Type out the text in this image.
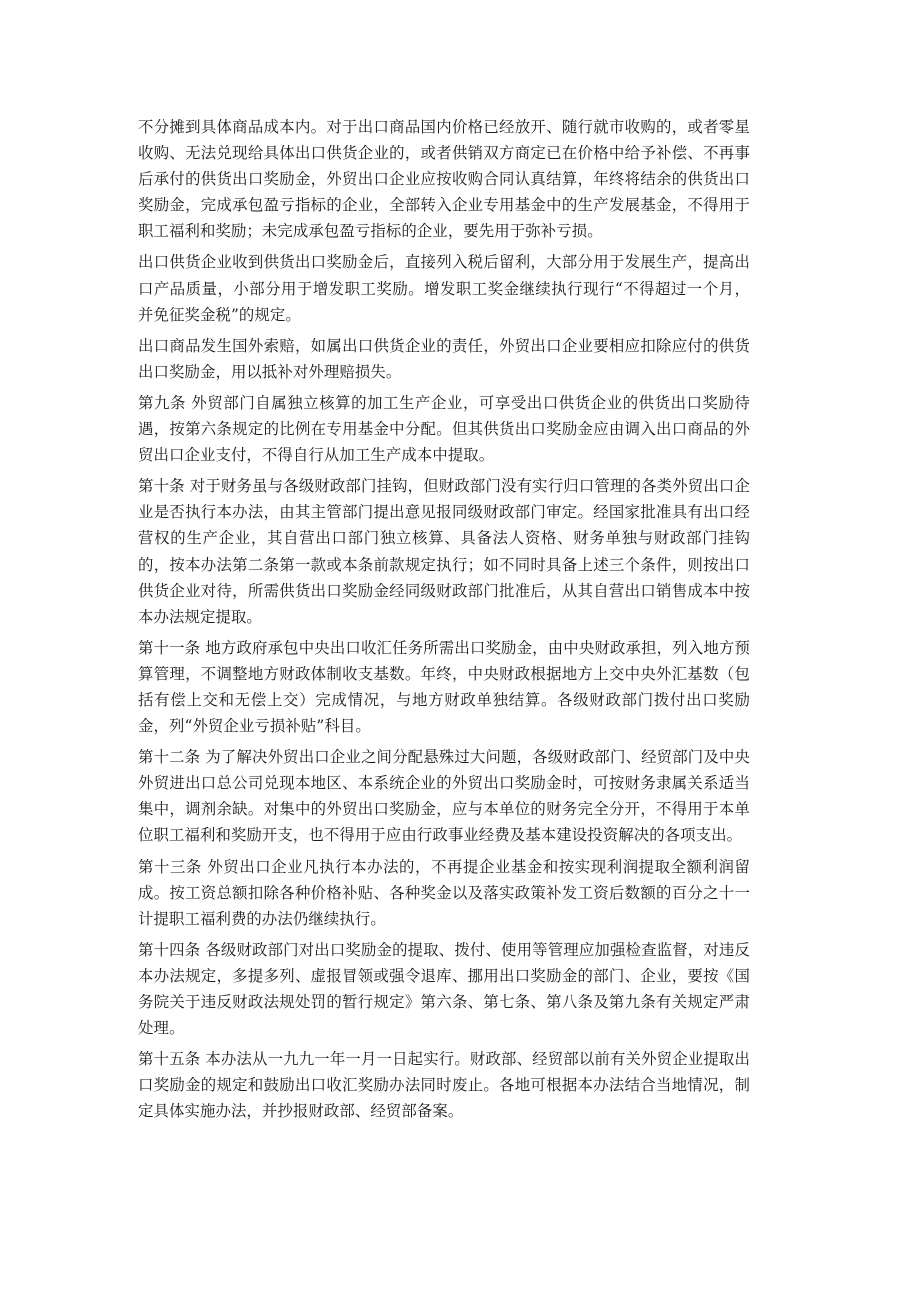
不分摊到具体商品成本内。对于出口商品国内价格已经放开、随行就市收购的，或者零星收购、无法兑现给具体出口供货企业的，或者供销双方商定已在价格中给予补偿、不再事后承付的供货出口奖励金，外贸出口企业应按收购合同认真结算，年终将结余的供货出口奖励金，完成承包盈亏指标的企业，全部转入企业专用基金中的生产发展基金，不得用于职工福利和奖励；未完成承包盈亏指标的企业，要先用于弥补亏损。

出口供货企业收到供货出口奖励金后，直接列入税后留利，大部分用于发展生产，提高出口产品质量，小部分用于增发职工奖励。增发职工奖金继续执行现行“不得超过一个月，并免征奖金税”的规定。

出口商品发生国外索赔，如属出口供货企业的责任，外贸出口企业要相应扣除应付的供货出口奖励金，用以抵补对外理赔损失。

第九条 外贸部门自属独立核算的加工生产企业，可享受出口供货企业的供货出口奖励待遇，按第六条规定的比例在专用基金中分配。但其供货出口奖励金应由调入出口商品的外贸出口企业支付，不得自行从加工生产成本中提取。

第十条 对于财务虽与各级财政部门挂钩，但财政部门没有实行归口管理的各类外贸出口企业是否执行本办法，由其主管部门提出意见报同级财政部门审定。经国家批准具有出口经营权的生产企业，其自营出口部门独立核算、具备法人资格、财务单独与财政部门挂钩的，按本办法第二条第一款或本条前款规定执行；如不同时具备上述三个条件，则按出口供货企业对待，所需供货出口奖励金经同级财政部门批准后，从其自营出口销售成本中按本办法规定提取。

第十一条 地方政府承包中央出口收汇任务所需出口奖励金，由中央财政承担，列入地方预算管理，不调整地方财政体制收支基数。年终，中央财政根据地方上交中央外汇基数（包括有偿上交和无偿上交）完成情况，与地方财政单独结算。各级财政部门拨付出口奖励金，列“外贸企业亏损补贴”科目。

第十二条 为了解决外贸出口企业之间分配悬殊过大问题，各级财政部门、经贸部门及中央外贸进出口总公司兑现本地区、本系统企业的外贸出口奖励金时，可按财务隶属关系适当集中，调剂余缺。对集中的外贸出口奖励金，应与本单位的财务完全分开，不得用于本单位职工福利和奖励开支，也不得用于应由行政事业经费及基本建设投资解决的各项支出。

第十三条 外贸出口企业凡执行本办法的，不再提企业基金和按实现利润提取全额利润留成。按工资总额扣除各种价格补贴、各种奖金以及落实政策补发工资后数额的百分之十一计提职工福利费的办法仍继续执行。

第十四条 各级财政部门对出口奖励金的提取、拨付、使用等管理应加强检查监督，对违反本办法规定，多提多列、虚报冒领或强令退库、挪用出口奖励金的部门、企业，要按《国务院关于违反财政法规处罚的暂行规定》第六条、第七条、第八条及第九条有关规定严肃处理。

第十五条 本办法从一九九一年一月一日起实行。财政部、经贸部以前有关外贸企业提取出口奖励金的规定和鼓励出口收汇奖励办法同时废止。各地可根据本办法结合当地情况，制定具体实施办法，并抄报财政部、经贸部备案。
